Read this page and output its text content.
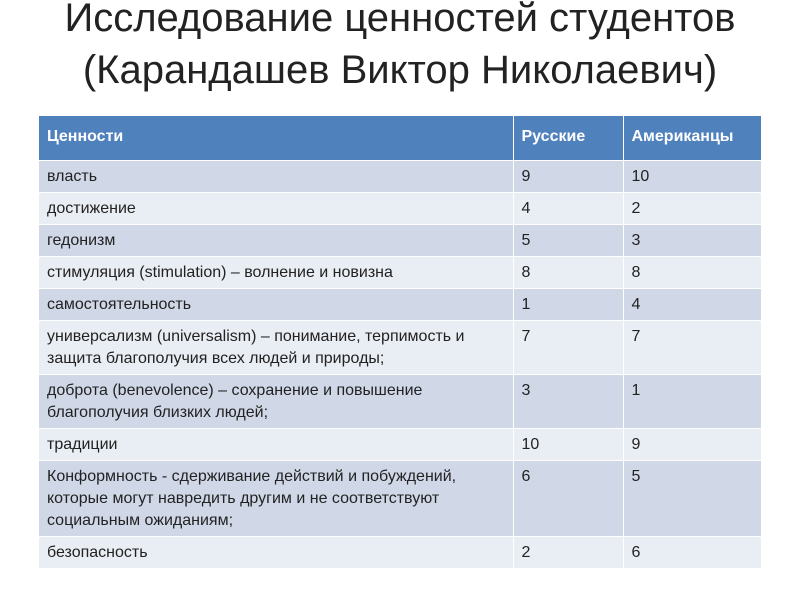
Исследование ценностей студентов (Карандашев Виктор Николаевич)
Ценности	Русские	Американцы
власть	9	10
достижение	4	2
гедонизм	5	3
стимуляция (stimulation) – волнение и новизна	8	8
самостоятельность	1	4
универсализм (universalism) – понимание, терпимость и защита благополучия всех людей и природы;	7	7
доброта (benevolence) – сохранение и повышение благополучия близких людей;	3	1
традиции	10	9
Конформность - сдерживание действий и побуждений, которые могут навредить другим и не соответствуют социальным ожиданиям;	6	5
безопасность	2	6
